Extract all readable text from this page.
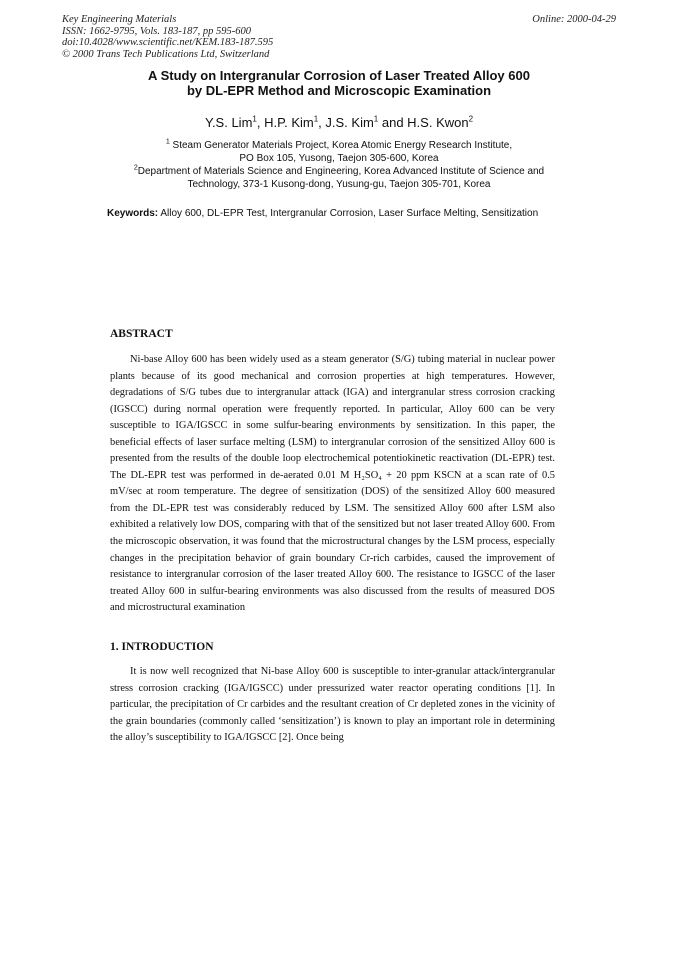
Key Engineering Materials
ISSN: 1662-9795, Vols. 183-187, pp 595-600
doi:10.4028/www.scientific.net/KEM.183-187.595
© 2000 Trans Tech Publications Ltd, Switzerland
Online: 2000-04-29
A Study on Intergranular Corrosion of Laser Treated Alloy 600
by DL-EPR Method and Microscopic Examination
Y.S. Lim$^1$, H.P. Kim$^1$, J.S. Kim$^1$ and H.S. Kwon$^2$
$^1$ Steam Generator Materials Project, Korea Atomic Energy Research Institute,
PO Box 105, Yusong, Taejon 305-600, Korea
$^2$Department of Materials Science and Engineering, Korea Advanced Institute of Science and
Technology, 373-1 Kusong-dong, Yusung-gu, Taejon 305-701, Korea
Keywords: Alloy 600, DL-EPR Test, Intergranular Corrosion, Laser Surface Melting, Sensitization
ABSTRACT
Ni-base Alloy 600 has been widely used as a steam generator (S/G) tubing material in nuclear power plants because of its good mechanical and corrosion properties at high temperatures. However, degradations of S/G tubes due to intergranular attack (IGA) and intergranular stress corrosion cracking (IGSCC) during normal operation were frequently reported. In particular, Alloy 600 can be very susceptible to IGA/IGSCC in some sulfur-bearing environments by sensitization. In this paper, the beneficial effects of laser surface melting (LSM) to intergranular corrosion of the sensitized Alloy 600 is presented from the results of the double loop electrochemical potentiokinetic reactivation (DL-EPR) test. The DL-EPR test was performed in de-aerated 0.01 M H₂SO₄ + 20 ppm KSCN at a scan rate of 0.5 mV/sec at room temperature. The degree of sensitization (DOS) of the sensitized Alloy 600 measured from the DL-EPR test was considerably reduced by LSM. The sensitized Alloy 600 after LSM also exhibited a relatively low DOS, comparing with that of the sensitized but not laser treated Alloy 600. From the microscopic observation, it was found that the microstructural changes by the LSM process, especially changes in the precipitation behavior of grain boundary Cr-rich carbides, caused the improvement of resistance to intergranular corrosion of the laser treated Alloy 600. The resistance to IGSCC of the laser treated Alloy 600 in sulfur-bearing environments was also discussed from the results of measured DOS and microstructural examination
1. INTRODUCTION
It is now well recognized that Ni-base Alloy 600 is susceptible to inter-granular attack/intergranular stress corrosion cracking (IGA/IGSCC) under pressurized water reactor operating conditions [1]. In particular, the precipitation of Cr carbides and the resultant creation of Cr depleted zones in the vicinity of the grain boundaries (commonly called ‘sensitization’) is known to play an important role in determining the alloy’s susceptibility to IGA/IGSCC [2]. Once being
